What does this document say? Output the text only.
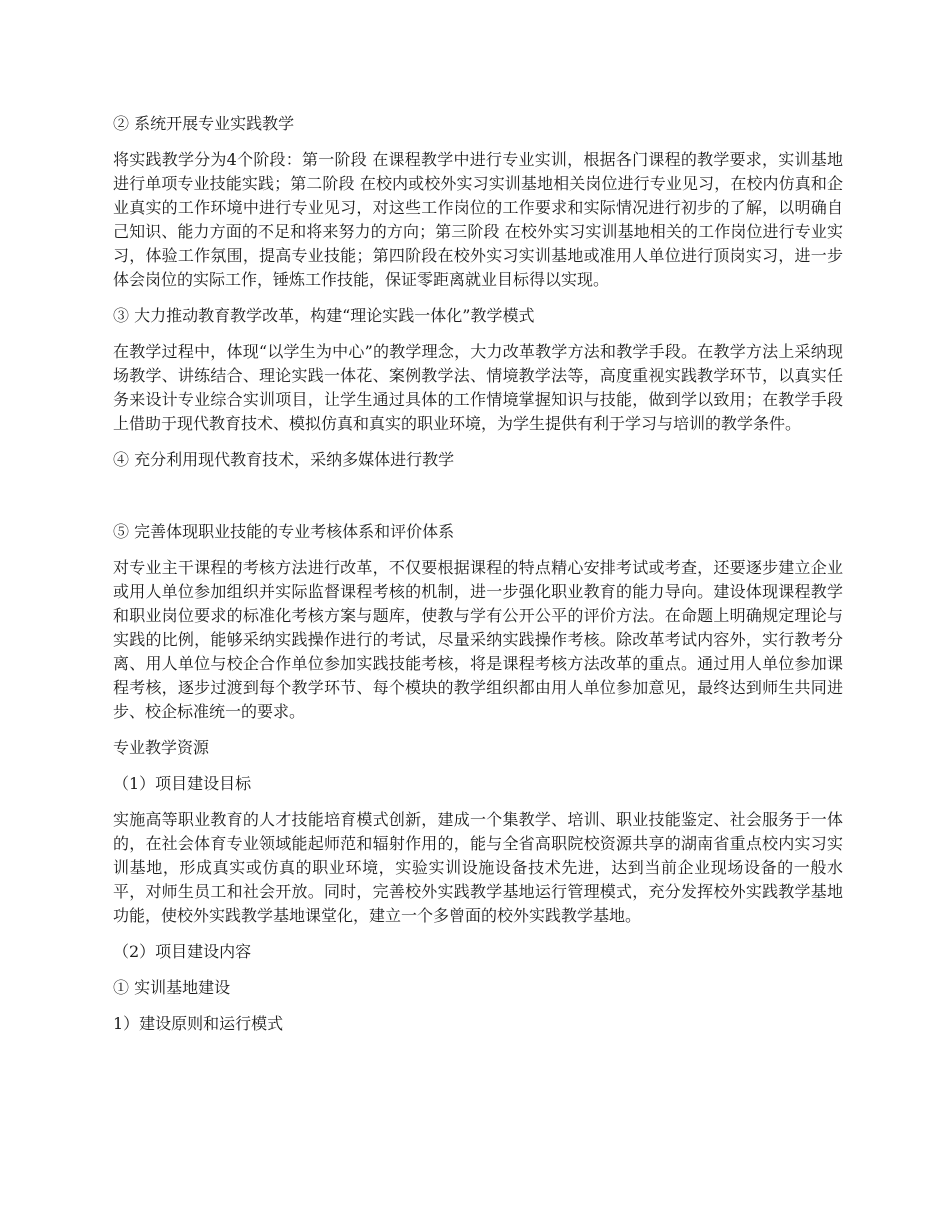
② 系统开展专业实践教学
将实践教学分为4个阶段：第一阶段 在课程教学中进行专业实训，根据各门课程的教学要求，实训基地进行单项专业技能实践；第二阶段 在校内或校外实习实训基地相关岗位进行专业见习，在校内仿真和企业真实的工作环境中进行专业见习，对这些工作岗位的工作要求和实际情况进行初步的了解，以明确自己知识、能力方面的不足和将来努力的方向；第三阶段 在校外实习实训基地相关的工作岗位进行专业实习，体验工作氛围，提高专业技能；第四阶段在校外实习实训基地或准用人单位进行顶岗实习，进一步体会岗位的实际工作，锤炼工作技能，保证零距离就业目标得以实现。
③ 大力推动教育教学改革，构建“理论实践一体化”教学模式
在教学过程中，体现“以学生为中心”的教学理念，大力改革教学方法和教学手段。在教学方法上采纳现场教学、讲练结合、理论实践一体花、案例教学法、情境教学法等，高度重视实践教学环节，以真实任务来设计专业综合实训项目，让学生通过具体的工作情境掌握知识与技能，做到学以致用；在教学手段上借助于现代教育技术、模拟仿真和真实的职业环境，为学生提供有利于学习与培训的教学条件。
④ 充分利用现代教育技术，采纳多媒体进行教学
⑤ 完善体现职业技能的专业考核体系和评价体系
对专业主干课程的考核方法进行改革，不仅要根据课程的特点精心安排考试或考查，还要逐步建立企业或用人单位参加组织并实际监督课程考核的机制，进一步强化职业教育的能力导向。建设体现课程教学和职业岗位要求的标准化考核方案与题库，使教与学有公开公平的评价方法。在命题上明确规定理论与实践的比例，能够采纳实践操作进行的考试，尽量采纳实践操作考核。除改革考试内容外，实行教考分离、用人单位与校企合作单位参加实践技能考核，将是课程考核方法改革的重点。通过用人单位参加课程考核，逐步过渡到每个教学环节、每个模块的教学组织都由用人单位参加意见，最终达到师生共同进步、校企标准统一的要求。
专业教学资源
（1）项目建设目标
实施高等职业教育的人才技能培育模式创新，建成一个集教学、培训、职业技能鉴定、社会服务于一体的，在社会体育专业领域能起师范和辐射作用的，能与全省高职院校资源共享的湖南省重点校内实习实训基地，形成真实或仿真的职业环境，实验实训设施设备技术先进，达到当前企业现场设备的一般水平，对师生员工和社会开放。同时，完善校外实践教学基地运行管理模式，充分发挥校外实践教学基地功能，使校外实践教学基地课堂化，建立一个多曾面的校外实践教学基地。
（2）项目建设内容
① 实训基地建设
1）建设原则和运行模式
